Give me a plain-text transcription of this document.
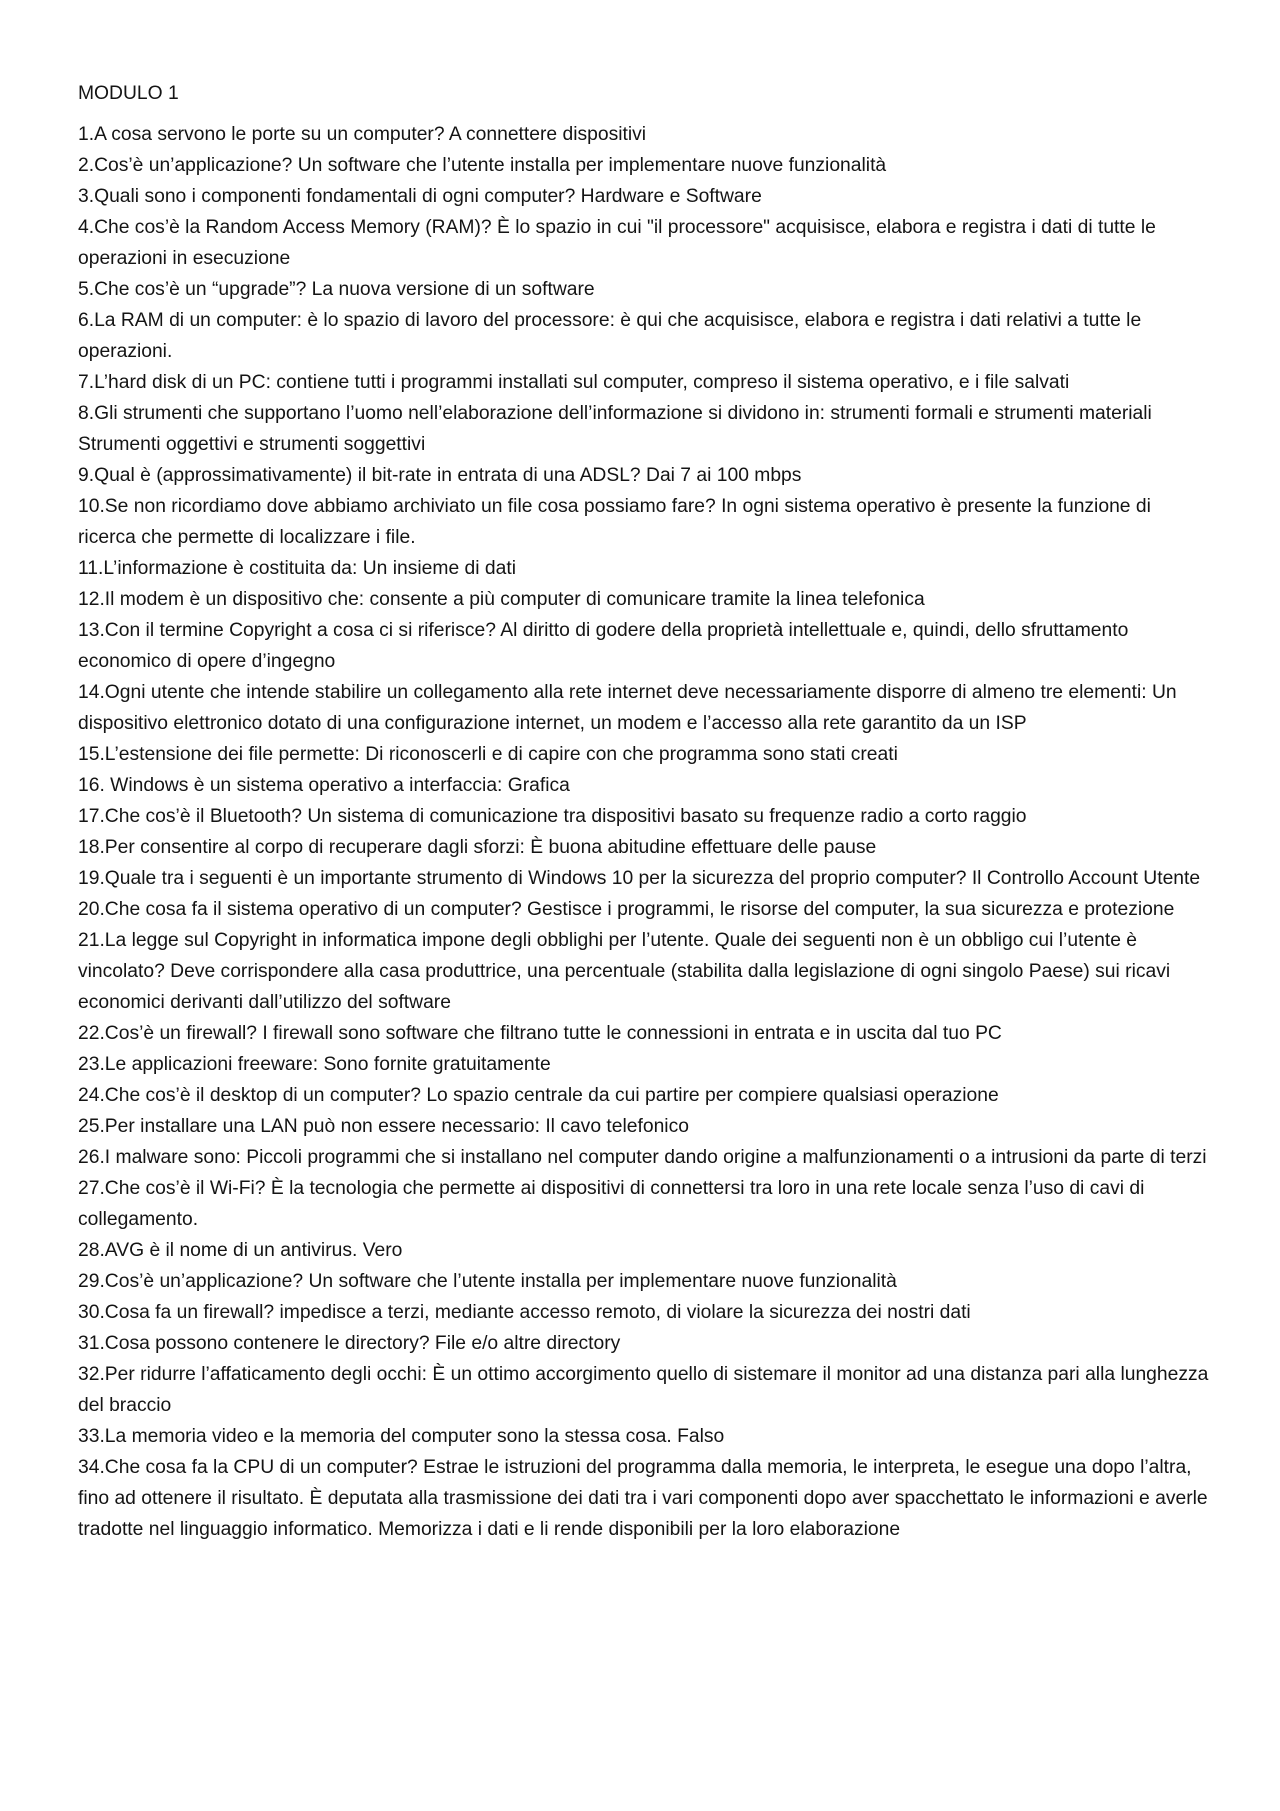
MODULO 1
1.A cosa servono le porte su un computer? A connettere dispositivi
2.Cos’è un’applicazione? Un software che l’utente installa per implementare nuove funzionalità
3.Quali sono i componenti fondamentali di ogni computer? Hardware e Software
4.Che cos’è la Random Access Memory (RAM)? È lo spazio in cui "il processore" acquisisce, elabora e registra i dati di tutte le operazioni in esecuzione
5.Che cos’è un “upgrade”? La nuova versione di un software
6.La RAM di un computer: è lo spazio di lavoro del processore: è qui che acquisisce, elabora e registra i dati relativi a tutte le operazioni.
7.L’hard disk di un PC: contiene tutti i programmi installati sul computer, compreso il sistema operativo, e i file salvati
8.Gli strumenti che supportano l’uomo nell’elaborazione dell’informazione si dividono in: strumenti formali e strumenti materiali Strumenti oggettivi e strumenti soggettivi
9.Qual è (approssimativamente) il bit-rate in entrata di una ADSL? Dai 7 ai 100 mbps
10.Se non ricordiamo dove abbiamo archiviato un file cosa possiamo fare? In ogni sistema operativo è presente la funzione di ricerca che permette di localizzare i file.
11.L’informazione è costituita da: Un insieme di dati
12.Il modem è un dispositivo che: consente a più computer di comunicare tramite la linea telefonica
13.Con il termine Copyright a cosa ci si riferisce? Al diritto di godere della proprietà intellettuale e, quindi, dello sfruttamento economico di opere d’ingegno
14.Ogni utente che intende stabilire un collegamento alla rete internet deve necessariamente disporre di almeno tre elementi: Un dispositivo elettronico dotato di una configurazione internet, un modem e l’accesso alla rete garantito da un ISP
15.L’estensione dei file permette: Di riconoscerli e di capire con che programma sono stati creati
16. Windows è un sistema operativo a interfaccia: Grafica
17.Che cos’è il Bluetooth? Un sistema di comunicazione tra dispositivi basato su frequenze radio a corto raggio
18.Per consentire al corpo di recuperare dagli sforzi: È buona abitudine effettuare delle pause
19.Quale tra i seguenti è un importante strumento di Windows 10 per la sicurezza del proprio computer? Il Controllo Account Utente
20.Che cosa fa il sistema operativo di un computer? Gestisce i programmi, le risorse del computer, la sua sicurezza e protezione
21.La legge sul Copyright in informatica impone degli obblighi per l’utente. Quale dei seguenti non è un obbligo cui l’utente è vincolato? Deve corrispondere alla casa produttrice, una percentuale (stabilita dalla legislazione di ogni singolo Paese) sui ricavi economici derivanti dall’utilizzo del software
22.Cos’è un firewall? I firewall sono software che filtrano tutte le connessioni in entrata e in uscita dal tuo PC
23.Le applicazioni freeware: Sono fornite gratuitamente
24.Che cos’è il desktop di un computer? Lo spazio centrale da cui partire per compiere qualsiasi operazione
25.Per installare una LAN può non essere necessario: Il cavo telefonico
26.I malware sono: Piccoli programmi che si installano nel computer dando origine a malfunzionamenti o a intrusioni da parte di terzi
27.Che cos’è il Wi-Fi? È la tecnologia che permette ai dispositivi di connettersi tra loro in una rete locale senza l’uso di cavi di collegamento.
28.AVG è il nome di un antivirus. Vero
29.Cos’è un’applicazione? Un software che l’utente installa per implementare nuove funzionalità
30.Cosa fa un firewall? impedisce a terzi, mediante accesso remoto, di violare la sicurezza dei nostri dati
31.Cosa possono contenere le directory? File e/o altre directory
32.Per ridurre l’affaticamento degli occhi: È un ottimo accorgimento quello di sistemare il monitor ad una distanza pari alla lunghezza del braccio
33.La memoria video e la memoria del computer sono la stessa cosa. Falso
34.Che cosa fa la CPU di un computer? Estrae le istruzioni del programma dalla memoria, le interpreta, le esegue una dopo l’altra, fino ad ottenere il risultato. È deputata alla trasmissione dei dati tra i vari componenti dopo aver spacchettato le informazioni e averle tradotte nel linguaggio informatico. Memorizza i dati e li rende disponibili per la loro elaborazione
